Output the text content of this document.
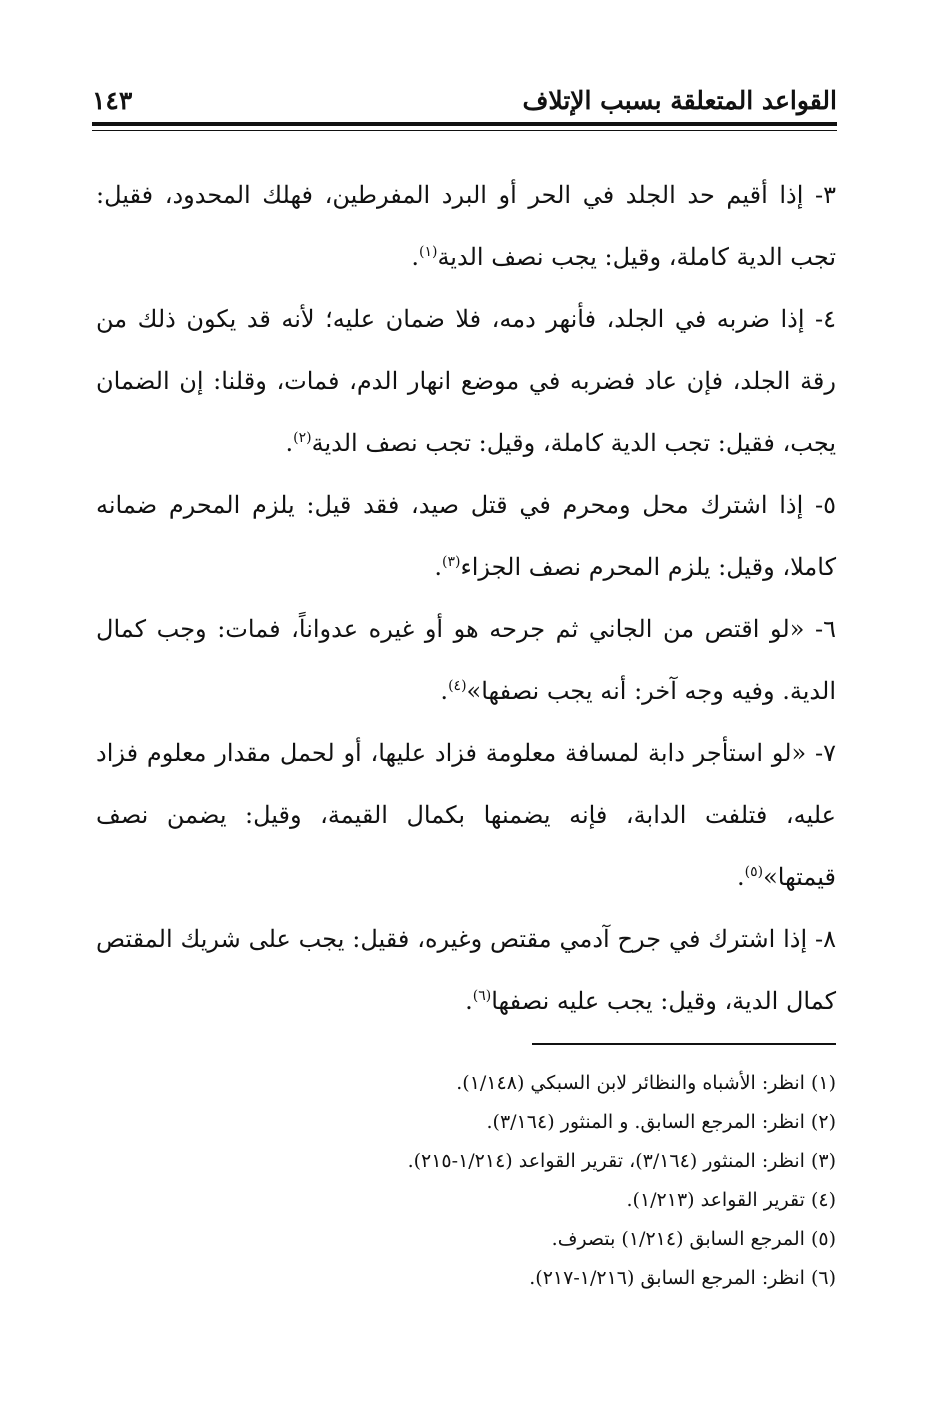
القواعد المتعلقة بسبب الإتلاف
١٤٣

٣- إذا أقيم حد الجلد في الحر أو البرد المفرطين، فهلك المحدود، فقيل: تجب الدية كاملة، وقيل: يجب نصف الدية$^{(١)}$.

٤- إذا ضربه في الجلد، فأنهر دمه، فلا ضمان عليه؛ لأنه قد يكون ذلك من رقة الجلد، فإن عاد فضربه في موضع انهار الدم، فمات، وقلنا: إن الضمان يجب، فقيل: تجب الدية كاملة، وقيل: تجب نصف الدية$^{(٢)}$.

٥- إذا اشترك محل ومحرم في قتل صيد، فقد قيل: يلزم المحرم ضمانه كاملا، وقيل: يلزم المحرم نصف الجزاء$^{(٣)}$.

٦- «لو اقتص من الجاني ثم جرحه هو أو غيره عدواناً، فمات: وجب كمال الدية. وفيه وجه آخر: أنه يجب نصفها»$^{(٤)}$.

٧- «لو استأجر دابة لمسافة معلومة فزاد عليها، أو لحمل مقدار معلوم فزاد عليه، فتلفت الدابة، فإنه يضمنها بكمال القيمة، وقيل: يضمن نصف قيمتها»$^{(٥)}$.

٨- إذا اشترك في جرح آدمي مقتص وغيره، فقيل: يجب على شريك المقتص كمال الدية، وقيل: يجب عليه نصفها$^{(٦)}$.

(١) انظر: الأشباه والنظائر لابن السبكي (١/١٤٨).

(٢) انظر: المرجع السابق. و المنثور (٣/١٦٤).

(٣) انظر: المنثور (٣/١٦٤)، تقرير القواعد (١/٢١٤-٢١٥).

(٤) تقرير القواعد (١/٢١٣).

(٥) المرجع السابق (١/٢١٤) بتصرف.

(٦) انظر: المرجع السابق (١/٢١٦-٢١٧).
